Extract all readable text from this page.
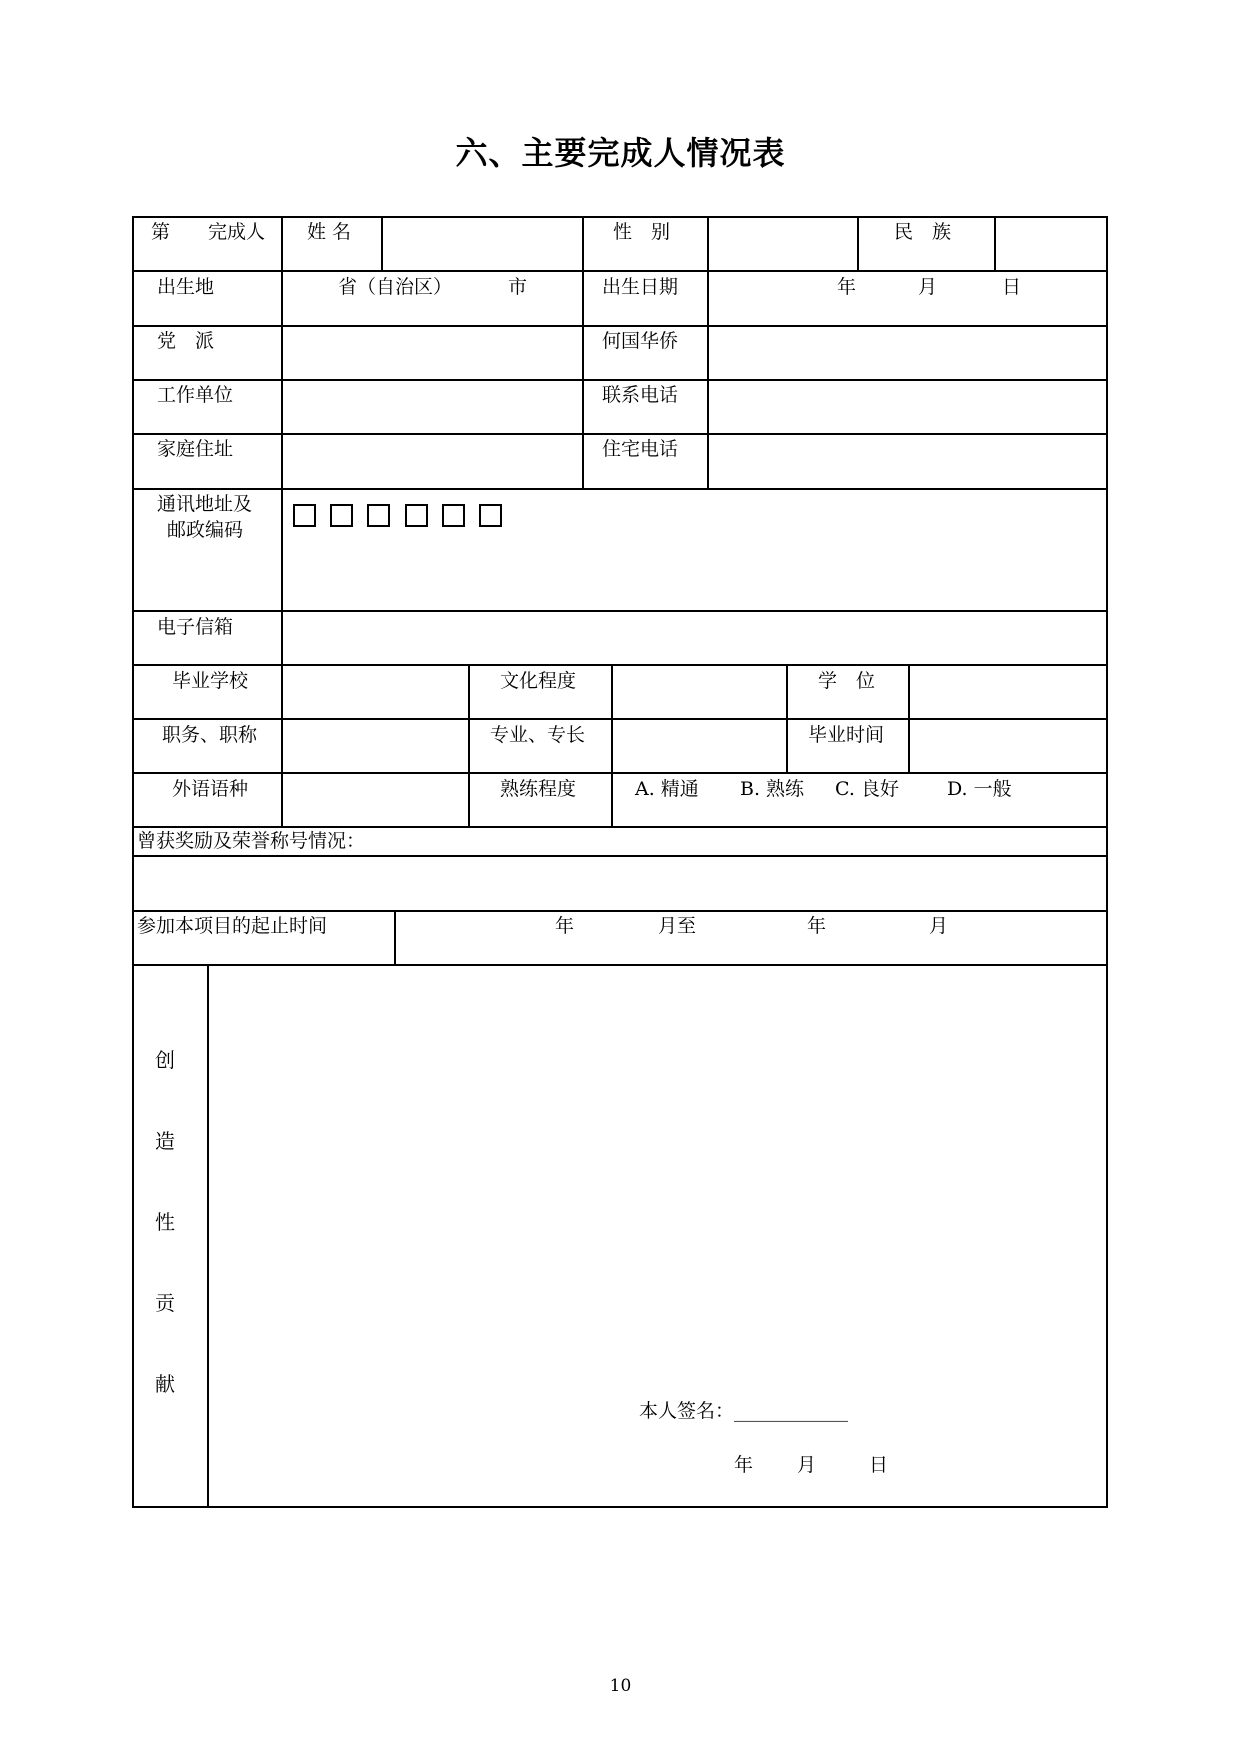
六、主要完成人情况表
第　　完成人 姓 名	性　别	民　族
出生地	省（自治区）	市	出生日期	年	月	日
党　派	何国华侨
工作单位	联系电话
家庭住址	住宅电话
通讯地址及
邮政编码
电子信箱
毕业学校	文化程度	学　位
职务、职称	专业、专长	毕业时间
外语语种	熟练程度	A. 精通 B. 熟练 C. 良好	D. 一般
曾获奖励及荣誉称号情况：
参加本项目的起止时间	年	月至	年	月
创
造
性
贡
献
本人签名：____________
年 月	日
10
